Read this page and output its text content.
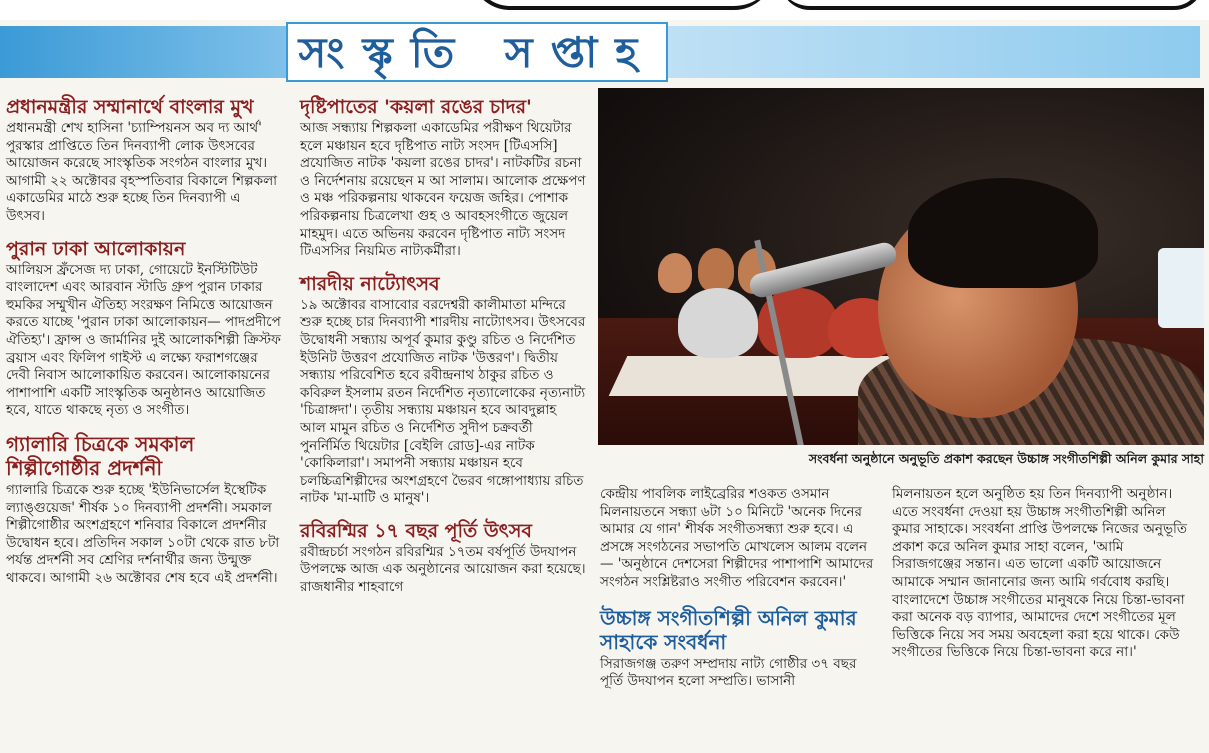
সংস্কৃতি সপ্তাহ
প্রধানমন্ত্রীর সম্মানার্থে বাংলার মুখ

প্রধানমন্ত্রী শেখ হাসিনা 'চ্যাম্পিয়নস অব দ্য আর্থ' পুরস্কার প্রাপ্তিতে তিন দিনব্যাপী লোক উৎসবের আয়োজন করেছে সাংস্কৃতিক সংগঠন বাংলার মুখ। আগামী ২২ অক্টোবর বৃহস্পতিবার বিকালে শিল্পকলা একাডেমির মাঠে শুরু হচ্ছে তিন দিনব্যাপী এ উৎসব।

পুরান ঢাকা আলোকায়ন

আলিয়স ফ্রঁসেজ দ্য ঢাকা, গোয়েটে ইনস্টিটিউট বাংলাদেশ এবং আরবান স্টাডি গ্রুপ পুরান ঢাকার হুমকির সম্মুখীন ঐতিহ্য সংরক্ষণ নিমিত্তে আয়োজন করতে যাচ্ছে 'পুরান ঢাকা আলোকায়ন— পাদপ্রদীপে ঐতিহ্য'। ফ্রান্স ও জার্মানির দুই আলোকশিল্পী ক্রিস্টফ ব্রয়াস এবং ফিলিপ গাইস্ট এ লক্ষ্যে ফরাশগঞ্জের দেবী নিবাস আলোকায়িত করবেন। আলোকায়নের পাশাপাশি একটি সাংস্কৃতিক অনুষ্ঠানও আয়োজিত হবে, যাতে থাকছে নৃত্য ও সংগীত।

গ্যালারি চিত্রকে সমকাল শিল্পীগোষ্ঠীর প্রদর্শনী

গ্যালারি চিত্রকে শুরু হচ্ছে 'ইউনিভার্সেল ইস্থেটিক ল্যাঙ্গুয়েজ' শীর্ষক ১০ দিনব্যাপী প্রদর্শনী। সমকাল শিল্পীগোষ্ঠীর অংশগ্রহণে শনিবার বিকালে প্রদর্শনীর উদ্বোধন হবে। প্রতিদিন সকাল ১০টা থেকে রাত ৮টা পর্যন্ত প্রদর্শনী সব শ্রেণির দর্শনার্থীর জন্য উন্মুক্ত থাকবে। আগামী ২৬ অক্টোবর শেষ হবে এই প্রদর্শনী।

দৃষ্টিপাতের 'কয়লা রঙের চাদর'

আজ সন্ধ্যায় শিল্পকলা একাডেমির পরীক্ষণ থিয়েটার হলে মঞ্চায়ন হবে দৃষ্টিপাত নাট্য সংসদ [টিএসসি] প্রযোজিত নাটক 'কয়লা রঙের চাদর'। নাটকটির রচনা ও নির্দেশনায় রয়েছেন ম আ সালাম। আলোক প্রক্ষেপণ ও মঞ্চ পরিকল্পনায় থাকবেন ফয়েজ জহির। পোশাক পরিকল্পনায় চিত্রলেখা গুহ ও আবহসংগীতে জুয়েল মাহমুদ। এতে অভিনয় করবেন দৃষ্টিপাত নাট্য সংসদ টিএসসির নিয়মিত নাট্যকর্মীরা।

শারদীয় নাট্যোৎসব

১৯ অক্টোবর বাসাবোর বরদেশ্বরী কালীমাতা মন্দিরে শুরু হচ্ছে চার দিনব্যাপী শারদীয় নাট্যোৎসব। উৎসবের উদ্বোধনী সন্ধ্যায় অপূর্ব কুমার কুণ্ডু রচিত ও নির্দেশিত ইউনিট উত্তরণ প্রযোজিত নাটক 'উত্তরণ'। দ্বিতীয় সন্ধ্যায় পরিবেশিত হবে রবীন্দ্রনাথ ঠাকুর রচিত ও কবিরুল ইসলাম রতন নির্দেশিত নৃত্যালোকের নৃত্যনাট্য 'চিত্রাঙ্গদা'। তৃতীয় সন্ধ্যায় মঞ্চায়ন হবে আবদুল্লাহ আল মামুন রচিত ও নির্দেশিত সুদীপ চক্রবর্তী পুনর্নির্মিত থিয়েটার [বেইলি রোড]-এর নাটক 'কোকিলারা'। সমাপনী সন্ধ্যায় মঞ্চায়ন হবে চলচ্চিত্রশিল্পীদের অংশগ্রহণে ভৈরব গঙ্গোপাধ্যায় রচিত নাটক 'মা-মাটি ও মানুষ'।

রবিরশ্মির ১৭ বছর পূর্তি উৎসব

রবীন্দ্রচর্চা সংগঠন রবিরশ্মির ১৭তম বর্ষপূর্তি উদযাপন উপলক্ষে আজ এক অনুষ্ঠানের আয়োজন করা হয়েছে। রাজধানীর শাহবাগে

সংবর্ধনা অনুষ্ঠানে অনুভূতি প্রকাশ করছেন উচ্চাঙ্গ সংগীতশিল্পী অনিল কুমার সাহা

কেন্দ্রীয় পাবলিক লাইব্রেরির শওকত ওসমান মিলনায়তনে সন্ধ্যা ৬টা ১০ মিনিটে 'অনেক দিনের আমার যে গান' শীর্ষক সংগীতসন্ধ্যা শুরু হবে। এ প্রসঙ্গে সংগঠনের সভাপতি মোখলেস আলম বলেন— 'অনুষ্ঠানে দেশসেরা শিল্পীদের পাশাপাশি আমাদের সংগঠন সংশ্লিষ্টরাও সংগীত পরিবেশন করবেন।'

উচ্চাঙ্গ সংগীতশিল্পী অনিল কুমার সাহাকে সংবর্ধনা

সিরাজগঞ্জ তরুণ সম্প্রদায় নাট্য গোষ্ঠীর ৩৭ বছর পূর্তি উদযাপন হলো সম্প্রতি। ভাসানী

মিলনায়তন হলে অনুষ্ঠিত হয় তিন দিনব্যাপী অনুষ্ঠান। এতে সংবর্ধনা দেওয়া হয় উচ্চাঙ্গ সংগীতশিল্পী অনিল কুমার সাহাকে। সংবর্ধনা প্রাপ্তি উপলক্ষে নিজের অনুভূতি প্রকাশ করে অনিল কুমার সাহা বলেন, 'আমি সিরাজগঞ্জের সন্তান। এত ভালো একটি আয়োজনে আমাকে সম্মান জানানোর জন্য আমি গর্ববোধ করছি। বাংলাদেশে উচ্চাঙ্গ সংগীতের মানুষকে নিয়ে চিন্তা-ভাবনা করা অনেক বড় ব্যাপার, আমাদের দেশে সংগীতের মূল ভিত্তিকে নিয়ে সব সময় অবহেলা করা হয়ে থাকে। কেউ সংগীতের ভিত্তিকে নিয়ে চিন্তা-ভাবনা করে না।'
